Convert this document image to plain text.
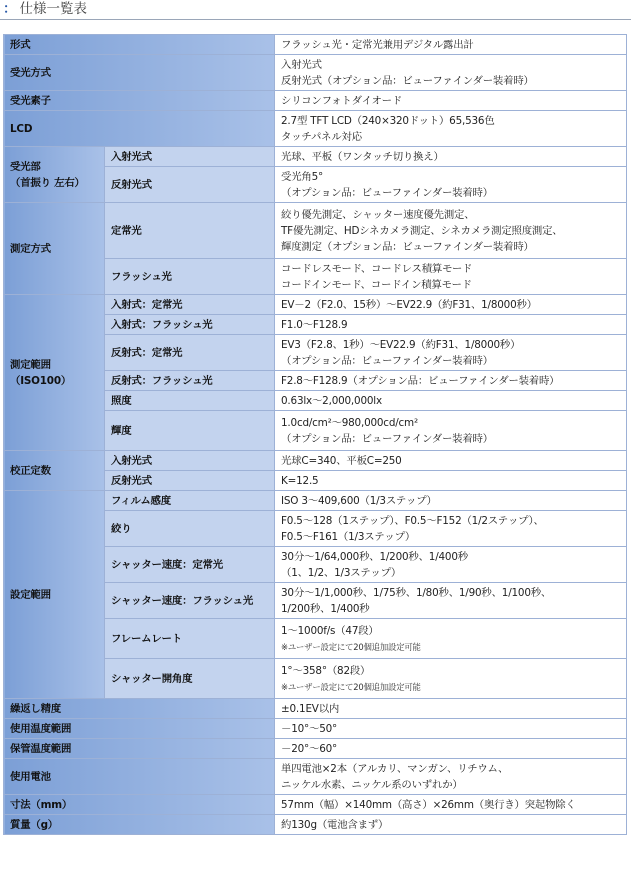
： 仕様一覧表
形式		フラッシュ光・定常光兼用デジタル露出計
受光方式		入射光式
反射光式（オプション品：ビューファインダー装着時）

受光素子		シリコンフォトダイオード
LCD		2.7型 TFT LCD（240×320ドット）65,536色
タッチパネル対応

受光部
（首振り 左右）	入射光式	光球、平板（ワンタッチ切り換え）
	反射光式	受光角5°
（オプション品：ビューファインダー装着時）

測定方式	定常光	絞り優先測定、シャッター速度優先測定、
TF優先測定、HDシネカメラ測定、シネカメラ測定照度測定、
輝度測定（オプション品：ビューファインダー装着時）

	フラッシュ光	コードレスモード、コードレス積算モード
コードインモード、コードイン積算モード

測定範囲
（ISO100）	入射式：定常光	EV－2（F2.0、15秒）～EV22.9（約F31、1/8000秒）
	入射式：フラッシュ光	F1.0～F128.9
	反射式：定常光	EV3（F2.8、1秒）～EV22.9（約F31、1/8000秒）
（オプション品：ビューファインダー装着時）

	反射式：フラッシュ光	F2.8～F128.9（オプション品：ビューファインダー装着時）
	照度	0.63lx～2,000,000lx
	輝度	1.0cd/cm²～980,000cd/cm²
（オプション品：ビューファインダー装着時）

校正定数	入射光式	光球C=340、平板C=250
	反射光式	K=12.5
設定範囲	フィルム感度	ISO 3～409,600（1/3ステップ）
	絞り	F0.5～128（1ステップ）、F0.5～F152（1/2ステップ）、
F0.5～F161（1/3ステップ）

	シャッター速度：定常光	30分～1/64,000秒、1/200秒、1/400秒
（1、1/2、1/3ステップ）

	シャッター速度：フラッシュ光	30分～1/1,000秒、1/75秒、1/80秒、1/90秒、1/100秒、
1/200秒、1/400秒

	フレームレート	1～1000f/s（47段）
※ユーザー設定にて20個追加設定可能

	シャッター開角度	1°～358°（82段）
※ユーザー設定にて20個追加設定可能

繰返し精度		±0.1EV以内
使用温度範囲		－10°～50°
保管温度範囲		－20°～60°
使用電池		単四電池×2本（アルカリ、マンガン、リチウム、
ニッケル水素、ニッケル系のいずれか）

寸法（mm）		57mm（幅）×140mm（高さ）×26mm（奥行き）突起物除く
質量（g）		約130g（電池含まず）
